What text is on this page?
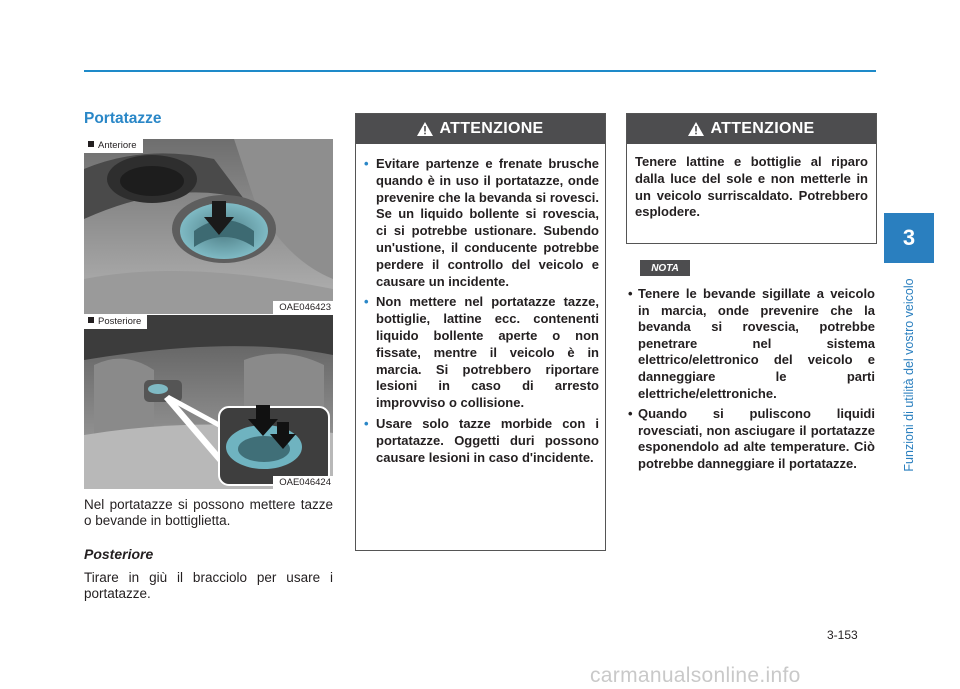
3
Funzioni di utilità del vostro veicolo
Portatazze
Anteriore
OAE046423
Posteriore
OAE046424

Nel portatazze si possono mettere tazze o bevande in bottiglietta.

Posteriore

Tirare in giù il bracciolo per usare i portatazze.

ATTENZIONE
• Evitare partenze e frenate brusche quando è in uso il portatazze, onde prevenire che la bevanda si rovesci. Se un liquido bollente si rovescia, ci si potrebbe ustionare. Subendo un'ustione, il conducente potrebbe perdere il controllo del veicolo e causare un incidente.
• Non mettere nel portatazze tazze, bottiglie, lattine ecc. contenenti liquido bollente aperte o non fissate, mentre il veicolo è in marcia. Si potrebbero riportare lesioni in caso di arresto improvviso o collisione.
• Usare solo tazze morbide con i portatazze. Oggetti duri possono causare lesioni in caso d'incidente.
ATTENZIONE

Tenere lattine e bottiglie al riparo dalla luce del sole e non metterle in un veicolo surriscaldato. Potrebbero esplodere.

NOTA
• Tenere le bevande sigillate a veicolo in marcia, onde prevenire che la bevanda si rovescia, potrebbe penetrare nel sistema elettrico/elettronico del veicolo e danneggiare le parti elettriche/elettroniche.
• Quando si puliscono liquidi rovesciati, non asciugare il portatazze esponendolo ad alte temperature. Ciò potrebbe danneggiare il portatazze.
3-153
carmanualsonline.info
